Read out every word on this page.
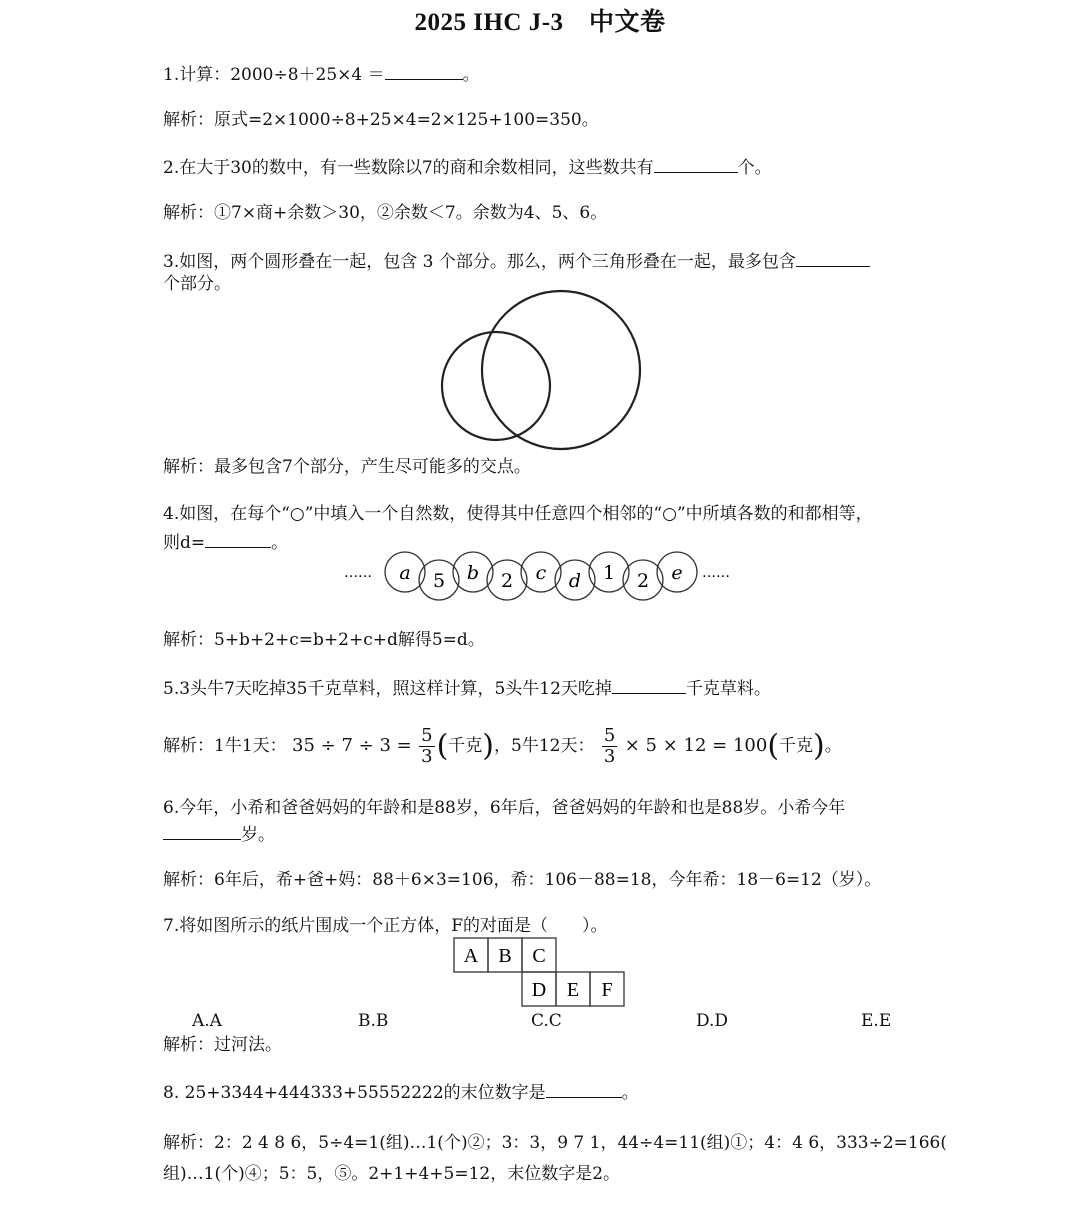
2025 IHC J-3　中文卷
1.计算：2000÷8＋25×4 ＝	。
解析：原式=2×1000÷8+25×4=2×125+100=350。
2.在大于30的数中，有一些数除以7的商和余数相同，这些数共有	个。
解析：①7×商+余数＞30，②余数＜7。余数为4、5、6。
3.如图，两个圆形叠在一起，包含 3 个部分。那么，两个三角形叠在一起，最多包含
个部分。
解析：最多包含7个部分，产生尽可能多的交点。
4.如图，在每个“○”中填入一个自然数，使得其中任意四个相邻的“○”中所填各数的和都相等，
则d=	。
……	……
a 5 b 2 c d 1 2 e
解析：5+b+2+c=b+2+c+d解得5=d。
5.3头牛7天吃掉35千克草料，照这样计算，5头牛12天吃掉	千克草料。
解析：1牛1天： $35 \div 7 \div 3 = \frac{5}{3}$ (千克)，5牛12天： $\frac{5}{3} \times 5 \times 12 = 100$(千克)。
6.今年，小希和爸爸妈妈的年龄和是88岁，6年后，爸爸妈妈的年龄和也是88岁。小希今年
岁。
解析：6年后，希+爸+妈：88＋6×3=106，希：106－88=18，今年希：18－6=12（岁）。
7.将如图所示的纸片围成一个正方体，F的对面是（　　）。
A B C
D E F
A.A	B.B	C.C	D.D	E.E
解析：过河法。
8. 25+3344+444333+55552222的末位数字是	。
解析：2：2 4 8 6，5÷4=1(组)…1(个)②；3：3，9 7 1，44÷4=11(组)①；4：4 6，333÷2=166(
组)…1(个)④；5：5，⑤。2+1+4+5=12，末位数字是2。
